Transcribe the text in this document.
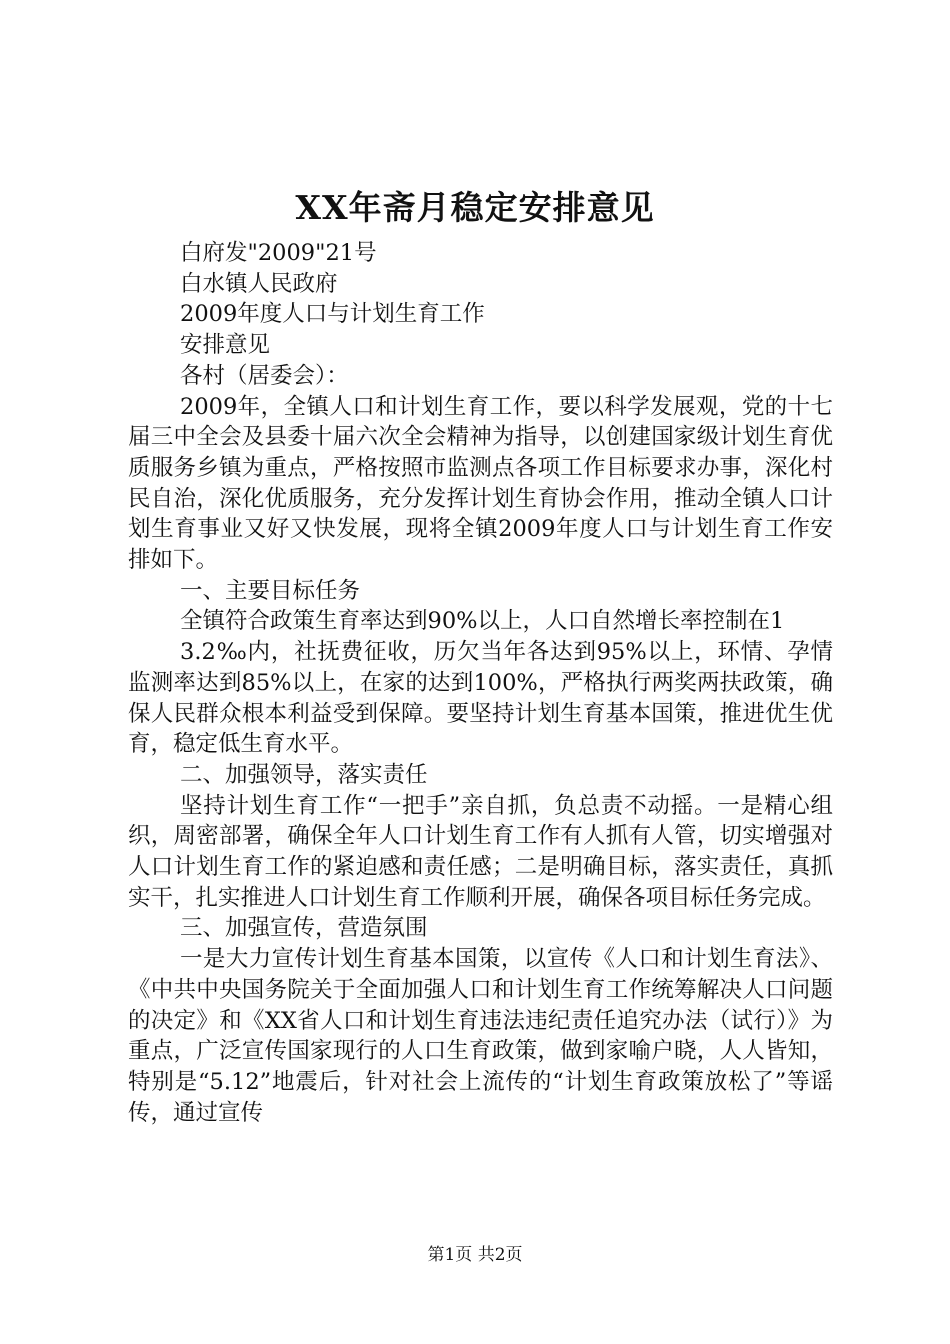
XX年斋月稳定安排意见

白府发"2009"21号

白水镇人民政府

2009年度人口与计划生育工作

安排意见

各村（居委会）：

2009年，全镇人口和计划生育工作，要以科学发展观，党的十七届三中全会及县委十届六次全会精神为指导，以创建国家级计划生育优质服务乡镇为重点，严格按照市监测点各项工作目标要求办事，深化村民自治，深化优质服务，充分发挥计划生育协会作用，推动全镇人口计划生育事业又好又快发展，现将全镇2009年度人口与计划生育工作安排如下。

一、主要目标任务

全镇符合政策生育率达到90%以上，人口自然增长率控制在1

3.2‰内，社抚费征收，历欠当年各达到95%以上，环情、孕情监测率达到85%以上，在家的达到100%，严格执行两奖两扶政策，确保人民群众根本利益受到保障。要坚持计划生育基本国策，推进优生优育，稳定低生育水平。

二、加强领导，落实责任

坚持计划生育工作“一把手”亲自抓，负总责不动摇。一是精心组织，周密部署，确保全年人口计划生育工作有人抓有人管，切实增强对人口计划生育工作的紧迫感和责任感；二是明确目标，落实责任，真抓实干，扎实推进人口计划生育工作顺利开展，确保各项目标任务完成。

三、加强宣传，营造氛围

一是大力宣传计划生育基本国策，以宣传《人口和计划生育法》、《中共中央国务院关于全面加强人口和计划生育工作统筹解决人口问题的决定》和《XX省人口和计划生育违法违纪责任追究办法（试行）》为重点，广泛宣传国家现行的人口生育政策，做到家喻户晓，人人皆知，特别是“5.12”地震后，针对社会上流传的“计划生育政策放松了”等谣传，通过宣传

第1页 共2页
